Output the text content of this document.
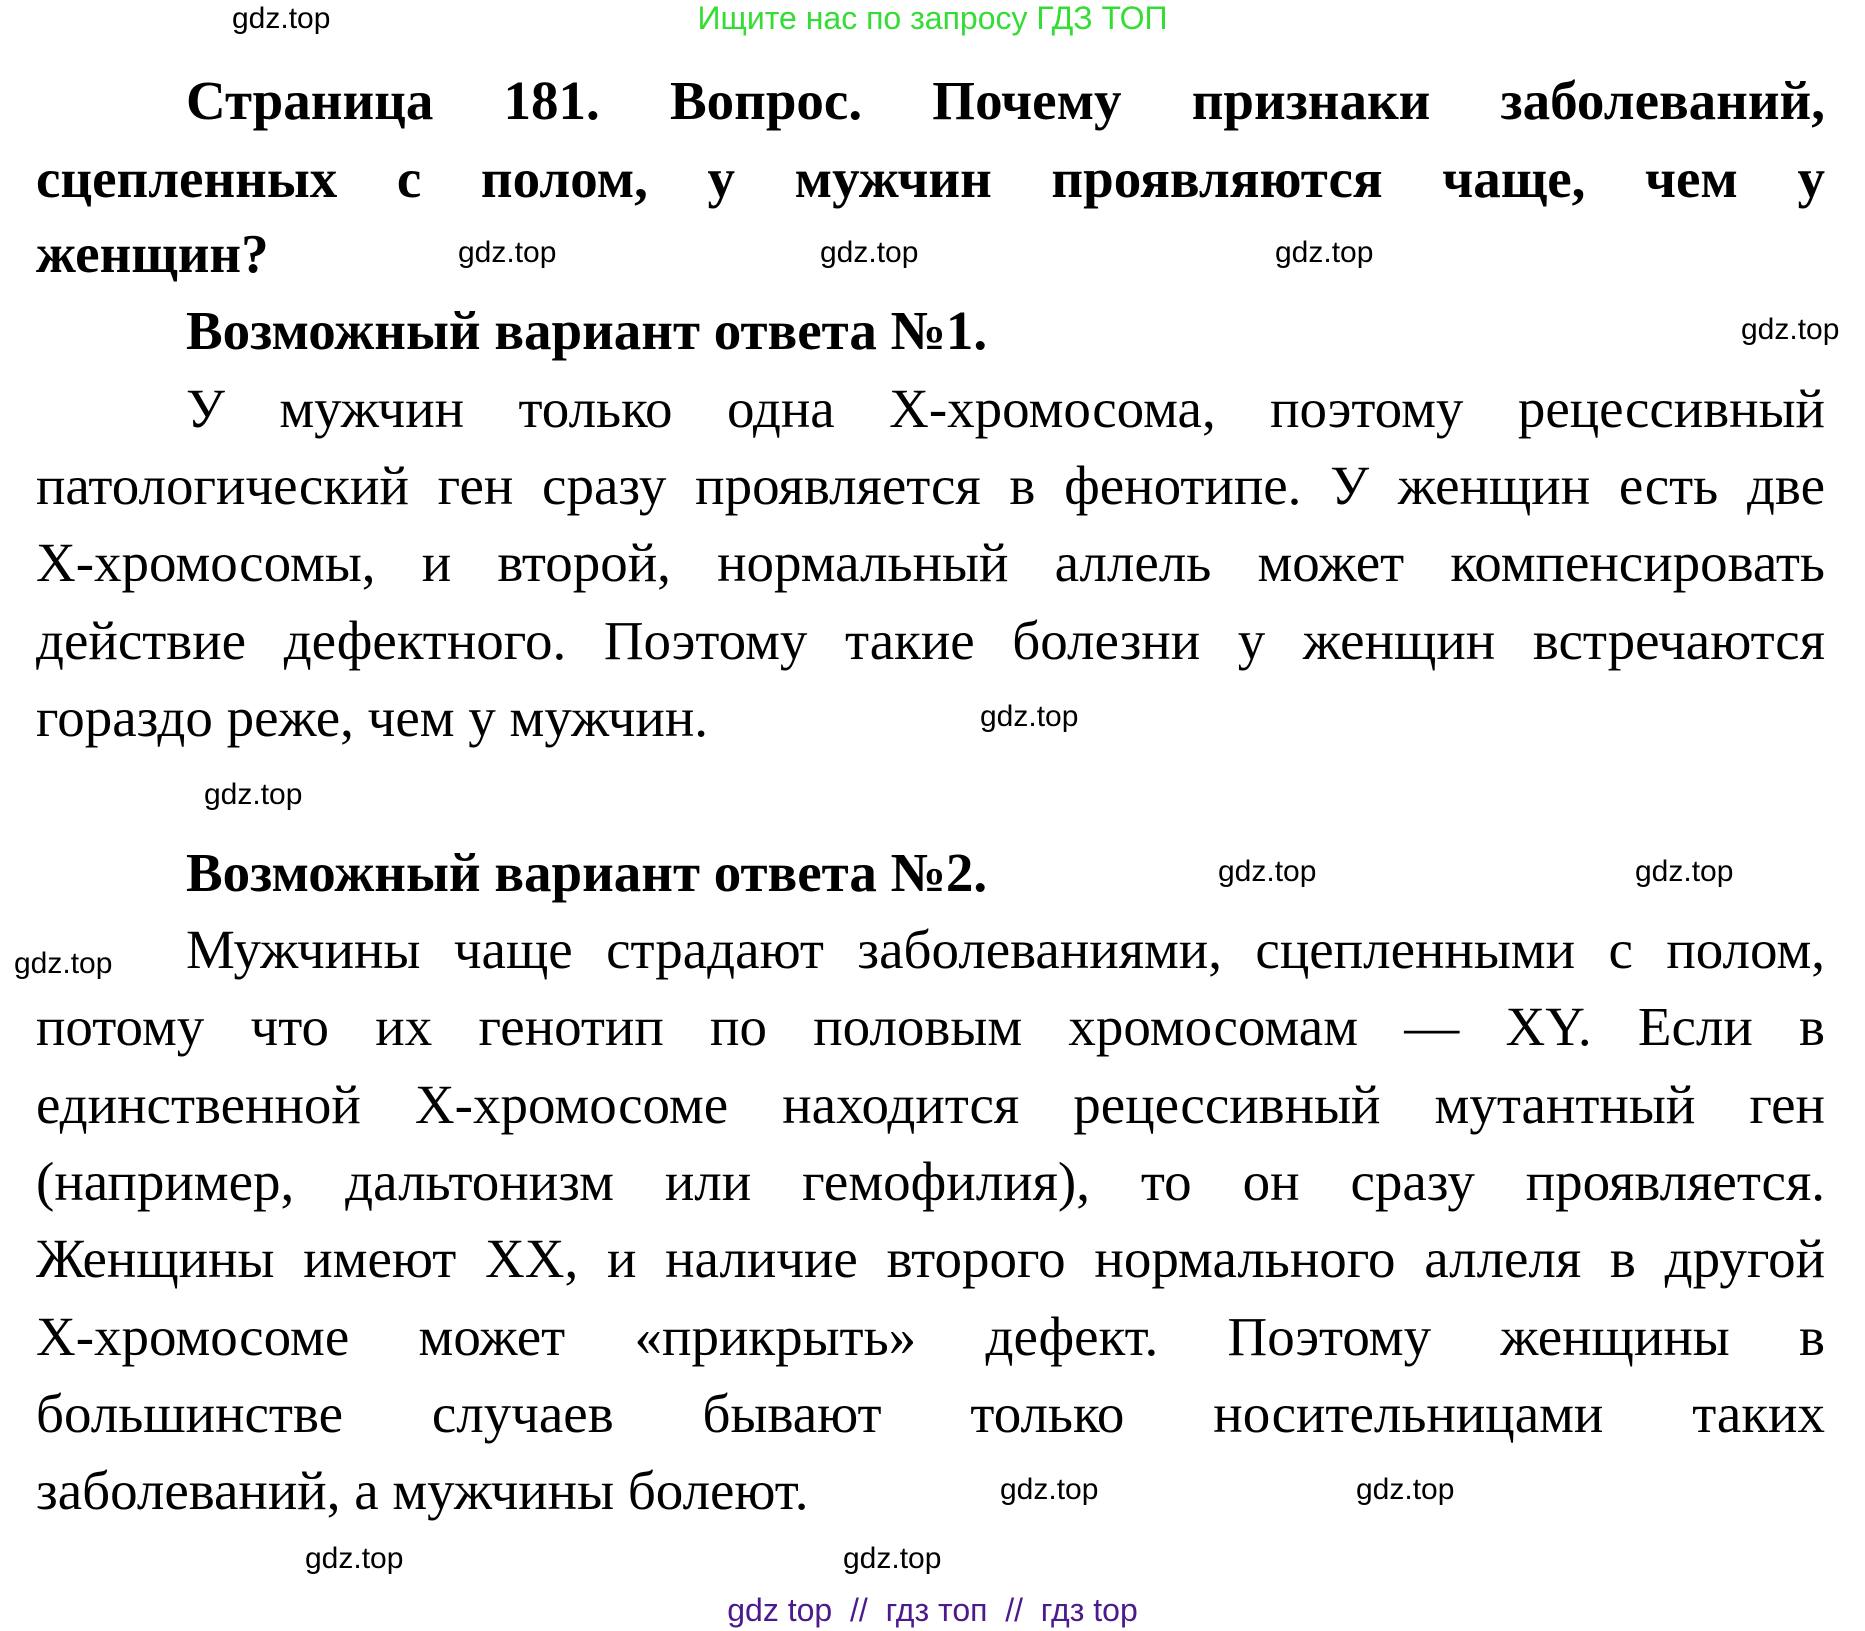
Ищите нас по запросу ГДЗ ТОП
Страница 181. Вопрос. Почему признаки заболеваний,
сцепленных с полом, у мужчин проявляются чаще, чем у
женщин?
Возможный вариант ответа №1.
У мужчин только одна Х-хромосома, поэтому рецессивный
патологический ген сразу проявляется в фенотипе. У женщин есть две
Х-хромосомы, и второй, нормальный аллель может компенсировать
действие дефектного. Поэтому такие болезни у женщин встречаются
гораздо реже, чем у мужчин.
Возможный вариант ответа №2.
Мужчины чаще страдают заболеваниями, сцепленными с полом,
потому что их генотип по половым хромосомам — XY. Если в
единственной Х-хромосоме находится рецессивный мутантный ген
(например, дальтонизм или гемофилия), то он сразу проявляется.
Женщины имеют XX, и наличие второго нормального аллеля в другой
Х-хромосоме может «прикрыть» дефект. Поэтому женщины в
большинстве случаев бывают только носительницами таких
заболеваний, а мужчины болеют.
gdz.top
gdz.top
gdz.top
gdz.top
gdz.top
gdz.top
gdz.top
gdz.top	gdz.top
gdz.top
gdz.top
gdz.top
gdz.top
gdz.top
gdz top  //  гдз топ  //  гдз top
